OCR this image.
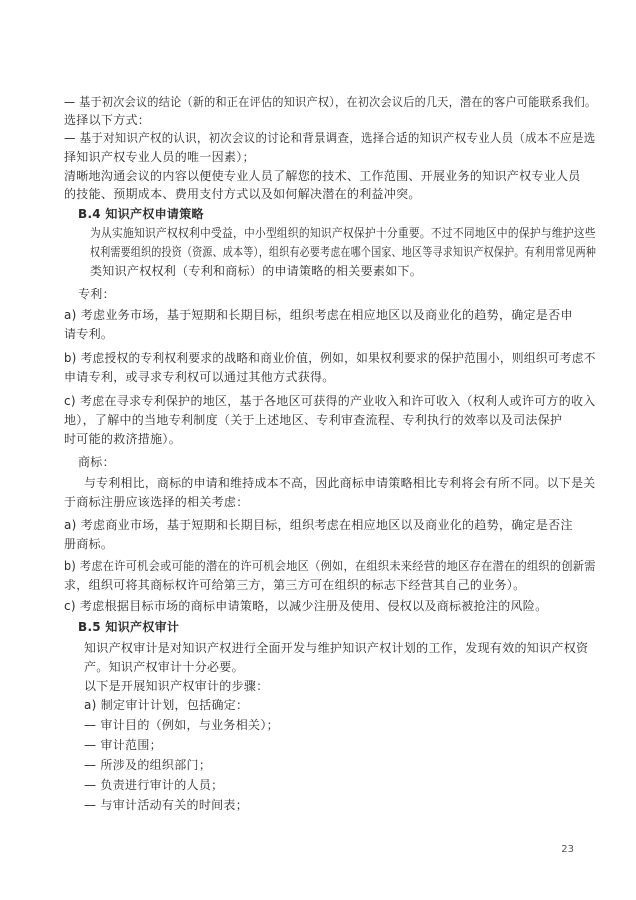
— 基于初次会议的结论（新的和正在评估的知识产权），在初次会议后的几天，潜在的客户可能联系我们。
选择以下方式：
— 基于对知识产权的认识，初次会议的讨论和背景调查，选择合适的知识产权专业人员（成本不应是选
择知识产权专业人员的唯一因素）；
清晰地沟通会议的内容以便使专业人员了解您的技术、工作范围、开展业务的知识产权专业人员
的技能、预期成本、费用支付方式以及如何解决潜在的利益冲突。
B.4 知识产权申请策略
为从实施知识产权权利中受益，中小型组织的知识产权保护十分重要。不过不同地区中的保护与维护这些
权利需要组织的投资（资源、成本等），组织有必要考虑在哪个国家、地区等寻求知识产权保护。有利用常见两种
类知识产权权利（专利和商标）的申请策略的相关要素如下。
专利：
a) 考虑业务市场，基于短期和长期目标，组织考虑在相应地区以及商业化的趋势，确定是否申
请专利。
b) 考虑授权的专利权利要求的战略和商业价值，例如，如果权利要求的保护范围小，则组织可考虑不
申请专利，或寻求专利权可以通过其他方式获得。
c) 考虑在寻求专利保护的地区，基于各地区可获得的产业收入和许可收入（权利人或许可方的收入
地），了解中的当地专利制度（关于上述地区、专利审查流程、专利执行的效率以及司法保护
时可能的救济措施）。
商标：
与专利相比，商标的申请和维持成本不高，因此商标申请策略相比专利将会有所不同。以下是关
于商标注册应该选择的相关考虑：
a) 考虑商业市场，基于短期和长期目标，组织考虑在相应地区以及商业化的趋势，确定是否注
册商标。
b) 考虑在许可机会或可能的潜在的许可机会地区（例如，在组织未来经营的地区存在潜在的组织的创新需
求，组织可将其商标权许可给第三方，第三方可在组织的标志下经营其自己的业务）。
c) 考虑根据目标市场的商标申请策略，以减少注册及使用、侵权以及商标被抢注的风险。
B.5 知识产权审计
知识产权审计是对知识产权进行全面开发与维护知识产权计划的工作，发现有效的知识产权资
产。知识产权审计十分必要。
以下是开展知识产权审计的步骤：
a) 制定审计计划，包括确定：
— 审计目的（例如，与业务相关）；
— 审计范围；
— 所涉及的组织部门；
— 负责进行审计的人员；
— 与审计活动有关的时间表；
23
